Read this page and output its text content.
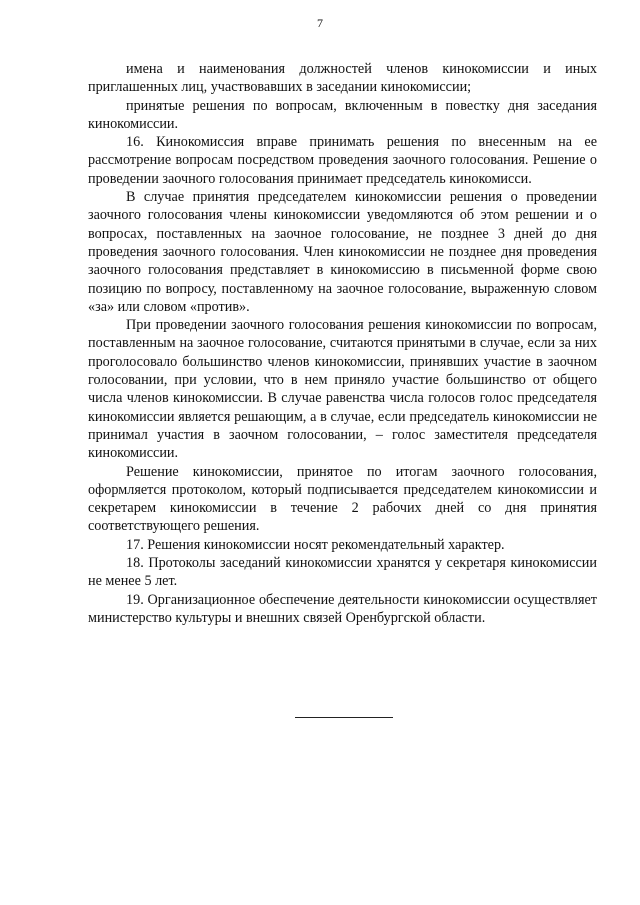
7

имена и наименования должностей членов кинокомиссии и иных приглашенных лиц, участвовавших в заседании кинокомиссии;

принятые решения по вопросам, включенным в повестку дня заседания кинокомиссии.

16. Кинокомиссия вправе принимать решения по внесенным на ее рассмотрение вопросам посредством проведения заочного голосования. Решение о проведении заочного голосования принимает председатель кинокомисси.

В случае принятия председателем кинокомиссии решения о проведении заочного голосования члены кинокомиссии уведомляются об этом решении и о вопросах, поставленных на заочное голосование, не позднее 3 дней до дня проведения заочного голосования. Член кинокомиссии не позднее дня проведения заочного голосования представляет в кинокомиссию в письменной форме свою позицию по вопросу, поставленному на заочное голосование, выраженную словом «за» или словом «против».

При проведении заочного голосования решения кинокомиссии по вопросам, поставленным на заочное голосование, считаются принятыми в случае, если за них проголосовало большинство членов кинокомиссии, принявших участие в заочном голосовании, при условии, что в нем приняло участие большинство от общего числа членов кинокомиссии. В случае равенства числа голосов голос председателя кинокомиссии является решающим, а в случае, если председатель кинокомиссии не принимал участия в заочном голосовании, – голос заместителя председателя кинокомиссии.

Решение кинокомиссии, принятое по итогам заочного голосования, оформляется протоколом, который подписывается председателем кинокомиссии и секретарем кинокомиссии в течение 2 рабочих дней со дня принятия соответствующего решения.

17. Решения кинокомиссии носят рекомендательный характер.

18. Протоколы заседаний кинокомиссии хранятся у секретаря кинокомиссии не менее 5 лет.

19. Организационное обеспечение деятельности кинокомиссии осуществляет министерство культуры и внешних связей Оренбургской области.
